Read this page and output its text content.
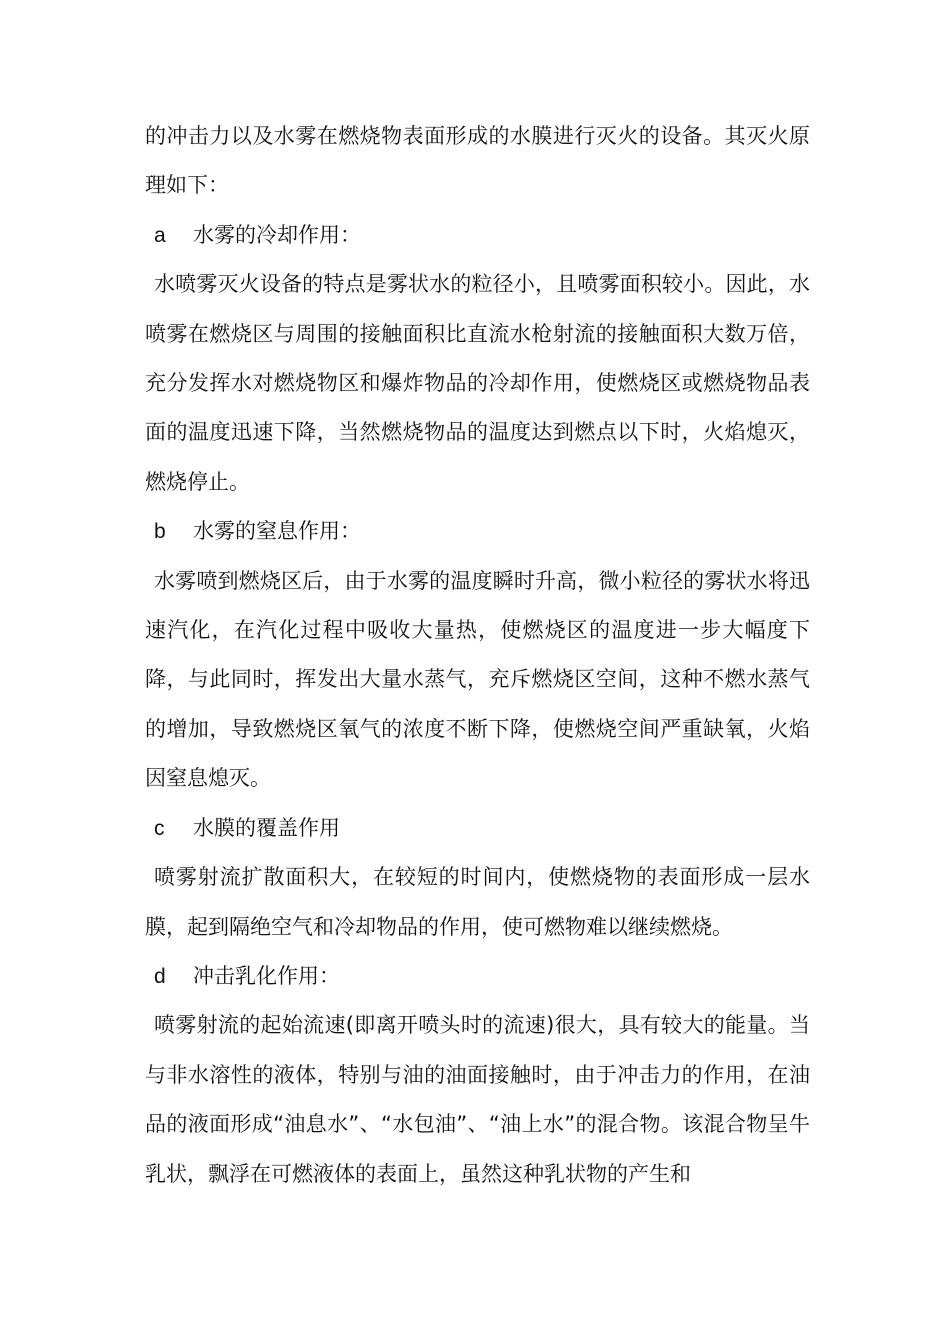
的冲击力以及水雾在燃烧物表面形成的水膜进行灭火的设备。其灭火原理如下：

a 水雾的冷却作用：

水喷雾灭火设备的特点是雾状水的粒径小，且喷雾面积较小。因此，水喷雾在燃烧区与周围的接触面积比直流水枪射流的接触面积大数万倍，充分发挥水对燃烧物区和爆炸物品的冷却作用，使燃烧区或燃烧物品表面的温度迅速下降，当然燃烧物品的温度达到燃点以下时，火焰熄灭，燃烧停止。

b 水雾的窒息作用：

水雾喷到燃烧区后，由于水雾的温度瞬时升高，微小粒径的雾状水将迅速汽化，在汽化过程中吸收大量热，使燃烧区的温度进一步大幅度下降，与此同时，挥发出大量水蒸气，充斥燃烧区空间，这种不燃水蒸气的增加，导致燃烧区氧气的浓度不断下降，使燃烧空间严重缺氧，火焰因窒息熄灭。

c 水膜的覆盖作用

喷雾射流扩散面积大，在较短的时间内，使燃烧物的表面形成一层水膜，起到隔绝空气和冷却物品的作用，使可燃物难以继续燃烧。

d 冲击乳化作用：

喷雾射流的起始流速(即离开喷头时的流速)很大，具有较大的能量。当与非水溶性的液体，特别与油的油面接触时，由于冲击力的作用，在油品的液面形成“油息水”、“水包油”、“油上水”的混合物。该混合物呈牛乳状，飘浮在可燃液体的表面上，虽然这种乳状物的产生和
